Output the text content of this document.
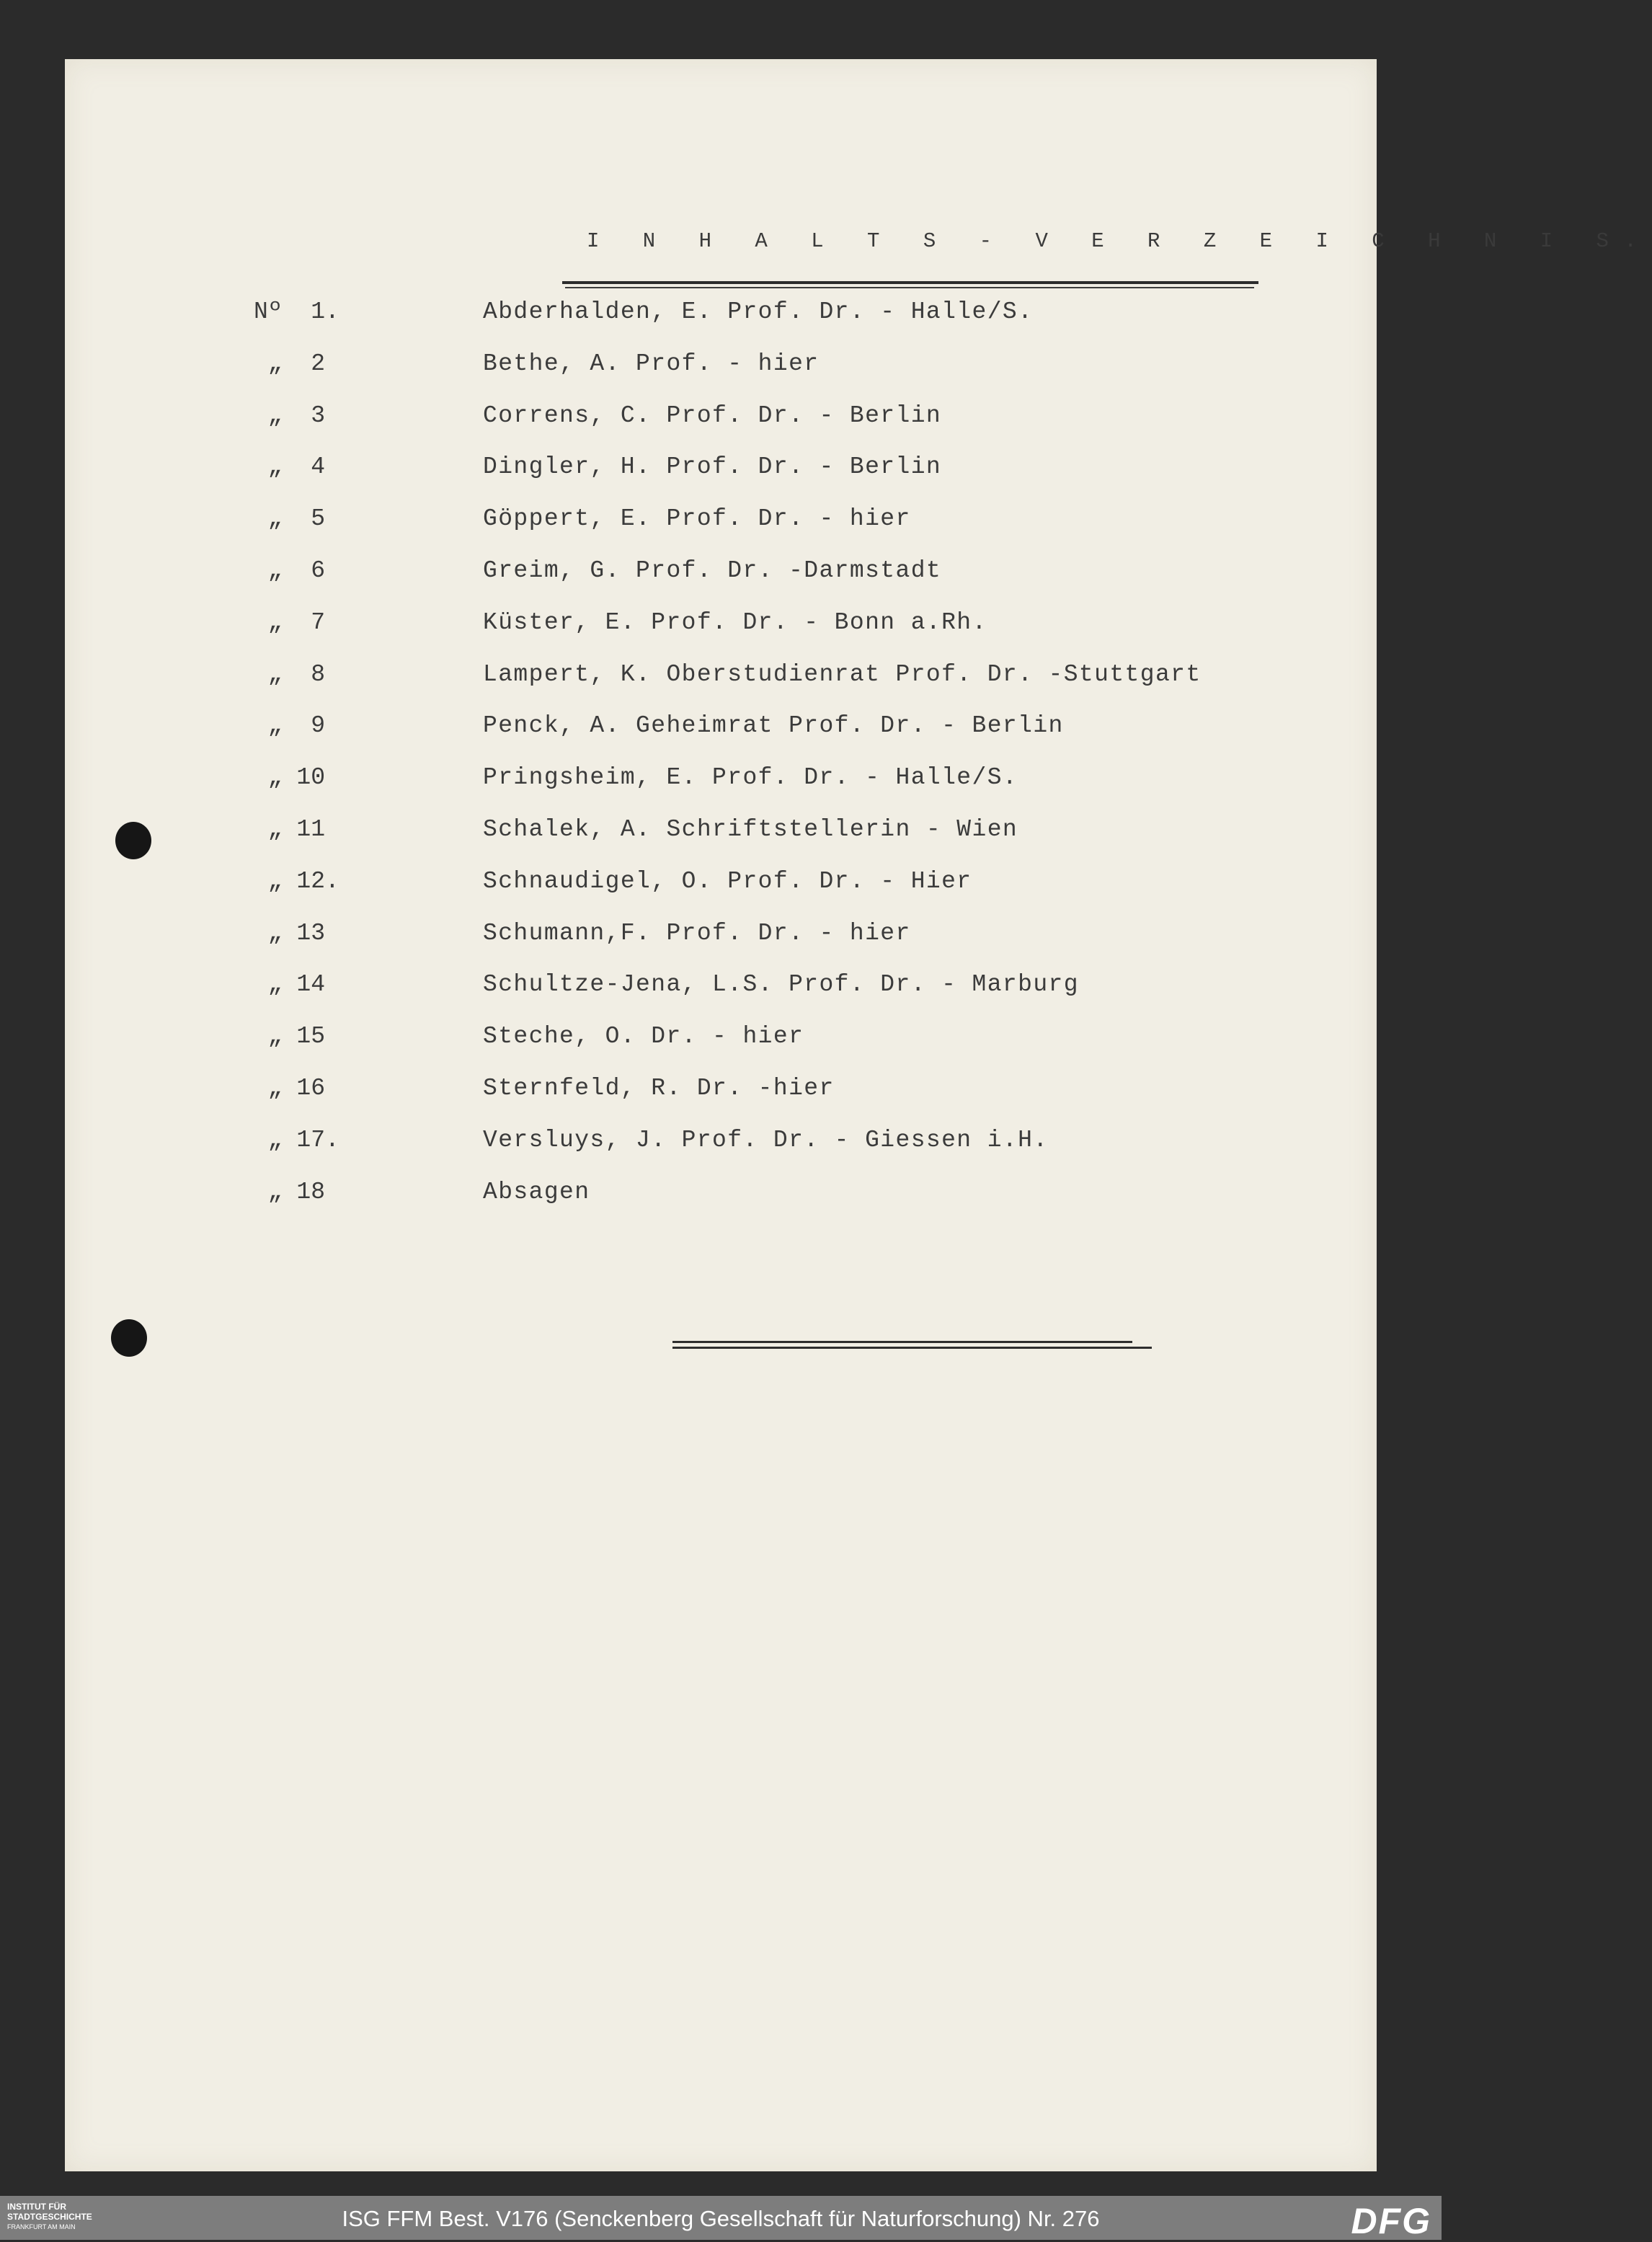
I N H A L T S - V E R Z E I C H N I S.
Nº  1.	Abderhalden, E. Prof. Dr. - Halle/S.
„  2	Bethe, A. Prof. - hier
„  3	Correns, C. Prof. Dr. - Berlin
„  4	Dingler, H. Prof. Dr. - Berlin
„  5	Göppert, E. Prof. Dr. - hier
„  6	Greim, G. Prof. Dr. -Darmstadt
„  7	Küster, E. Prof. Dr. - Bonn a.Rh.
„  8	Lampert, K. Oberstudienrat Prof. Dr. -Stuttgart
„  9	Penck, A. Geheimrat Prof. Dr. - Berlin
„ 10	Pringsheim, E. Prof. Dr. - Halle/S.
„ 11	Schalek, A. Schriftstellerin - Wien
„ 12.	Schnaudigel, O. Prof. Dr. - Hier
„ 13	Schumann,F. Prof. Dr. - hier
„ 14	Schultze-Jena, L.S. Prof. Dr. - Marburg
„ 15	Steche, O. Dr. - hier
„ 16	Sternfeld, R. Dr. -hier
„ 17.	Versluys, J. Prof. Dr. - Giessen i.H.
„ 18	Absagen
INSTITUT FÜR
STADTGESCHICHTE
FRANKFURT AM MAIN	ISG FFM Best. V176 (Senckenberg Gesellschaft für Naturforschung) Nr. 276	DFG
